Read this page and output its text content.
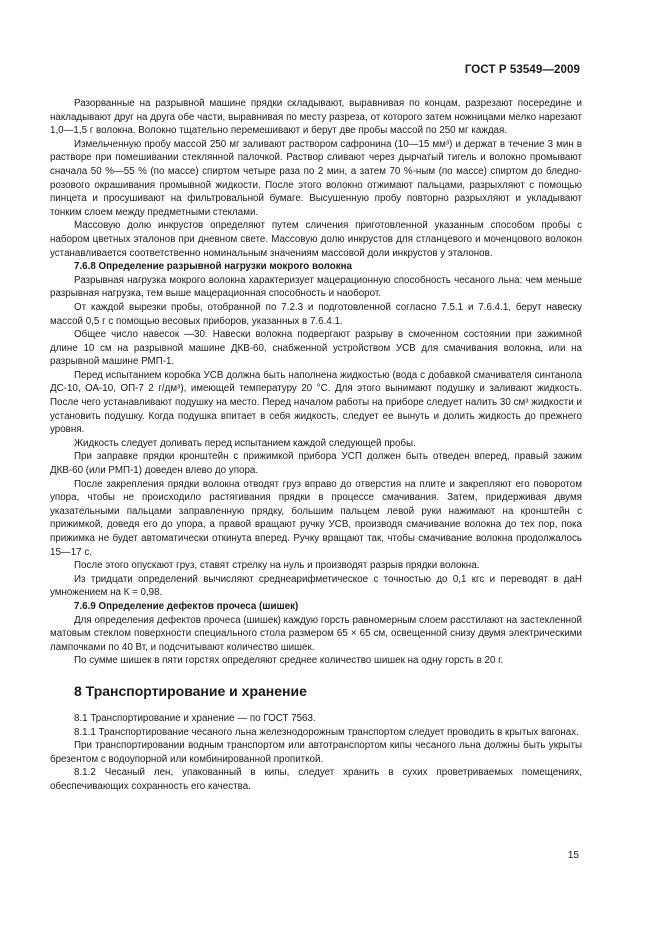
ГОСТ Р 53549—2009

Разорванные на разрывной машине прядки складывают, выравнивая по концам, разрезают посередине и накладывают друг на друга обе части, выравнивая по месту разреза, от которого затем ножницами мелко нарезают 1,0—1,5 г волокна. Волокно тщательно перемешивают и берут две пробы массой по 250 мг каждая.

Измельченную пробу массой 250 мг заливают раствором сафронина (10—15 мм³) и держат в течение 3 мин в растворе при помешивании стеклянной палочкой. Раствор сливают через дырчатый тигель и волокно промывают сначала 50 %—55 % (по массе) спиртом четыре раза по 2 мин, а затем 70 %-ным (по массе) спиртом до бледно-розового окрашивания промывной жидкости. После этого волокно отжимают пальцами, разрыхляют с помощью пинцета и просушивают на фильтровальной бумаге. Высушенную пробу повторно разрыхляют и укладывают тонким слоем между предметными стеклами.

Массовую долю инкрустов определяют путем сличения приготовленной указанным способом пробы с набором цветных эталонов при дневном свете. Массовую долю инкрустов для стланцевого и моченцового волокон устанавливается соответственно номинальным значениям массовой доли инкрустов у эталонов.

7.6.8 Определение разрывной нагрузки мокрого волокна

Разрывная нагрузка мокрого волокна характеризует мацерационную способность чесаного льна: чем меньше разрывная нагрузка, тем выше мацерационная способность и наоборот.

От каждой вырезки пробы, отобранной по 7.2.3 и подготовленной согласно 7.5.1 и 7.6.4.1, берут навеску массой 0,5 г с помощью весовых приборов, указанных в 7.6.4.1.

Общее число навесок —30. Навески волокна подвергают разрыву в смоченном состоянии при зажимной длине 10 см на разрывной машине ДКВ-60, снабженной устройством УСВ для смачивания волокна, или на разрывной машине РМП-1.

Перед испытанием коробка УСВ должна быть наполнена жидкостью (вода с добавкой смачивателя синтанола ДС-10, ОА-10, ОП-7 2 г/дм³), имеющей температуру 20 °С. Для этого вынимают подушку и заливают жидкость. После чего устанавливают подушку на место. Перед началом работы на приборе следует налить 30 см³ жидкости и установить подушку. Когда подушка впитает в себя жидкость, следует ее вынуть и долить жидкость до прежнего уровня.

Жидкость следует доливать перед испытанием каждой следующей пробы.

При заправке прядки кронштейн с прижимкой прибора УСП должен быть отведен вперед, правый зажим ДКВ-60 (или РМП-1) доведен влево до упора.

После закрепления прядки волокна отводят груз вправо до отверстия на плите и закрепляют его поворотом упора, чтобы не происходило растягивания прядки в процессе смачивания. Затем, придерживая двумя указательными пальцами заправленную прядку, большим пальцем левой руки нажимают на кронштейн с прижимкой, доведя его до упора, а правой вращают ручку УСВ, производя смачивание волокна до тех пор, пока прижимка не будет автоматически откинута вперед. Ручку вращают так, чтобы смачивание волокна продолжалось 15—17 с.

После этого опускают груз, ставят стрелку на нуль и производят разрыв прядки волокна.

Из тридцати определений вычисляют среднеарифметическое с точностью до 0,1 кгс и переводят в даН умножением на К = 0,98.

7.6.9 Определение дефектов прочеса (шишек)

Для определения дефектов прочеса (шишек) каждую горсть равномерным слоем расстилают на застекленной матовым стеклом поверхности специального стола размером 65 × 65 см, освещенной снизу двумя электрическими лампочками по 40 Вт, и подсчитывают количество шишек.

По сумме шишек в пяти горстях определяют среднее количество шишек на одну горсть в 20 г.

8 Транспортирование и хранение

8.1 Транспортирование и хранение — по ГОСТ 7563.

8.1.1 Транспортирование чесаного льна железнодорожным транспортом следует проводить в крытых вагонах.

При транспортировании водным транспортом или автотранспортом кипы чесаного льна должны быть укрыты брезентом с водоупорной или комбинированной пропиткой.

8.1.2 Чесаный лен, упакованный в кипы, следует хранить в сухих проветриваемых помещениях, обеспечивающих сохранность его качества.

15
